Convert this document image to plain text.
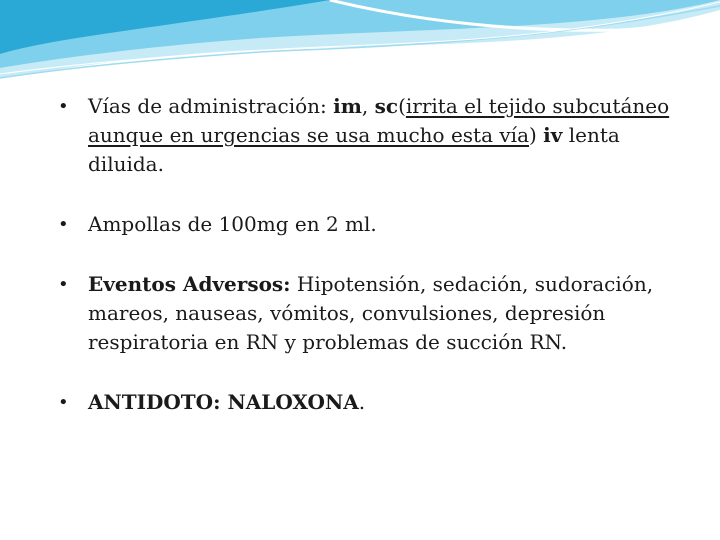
• Vías de administración: im, sc(irrita el tejido subcutáneo aunque en urgencias se usa mucho esta vía) iv lenta diluida.
• Ampollas de 100mg en 2 ml.
• Eventos Adversos: Hipotensión, sedación, sudoración, mareos, nauseas, vómitos, convulsiones, depresión respiratoria en RN y problemas de succión RN.
• ANTIDOTO: NALOXONA.
